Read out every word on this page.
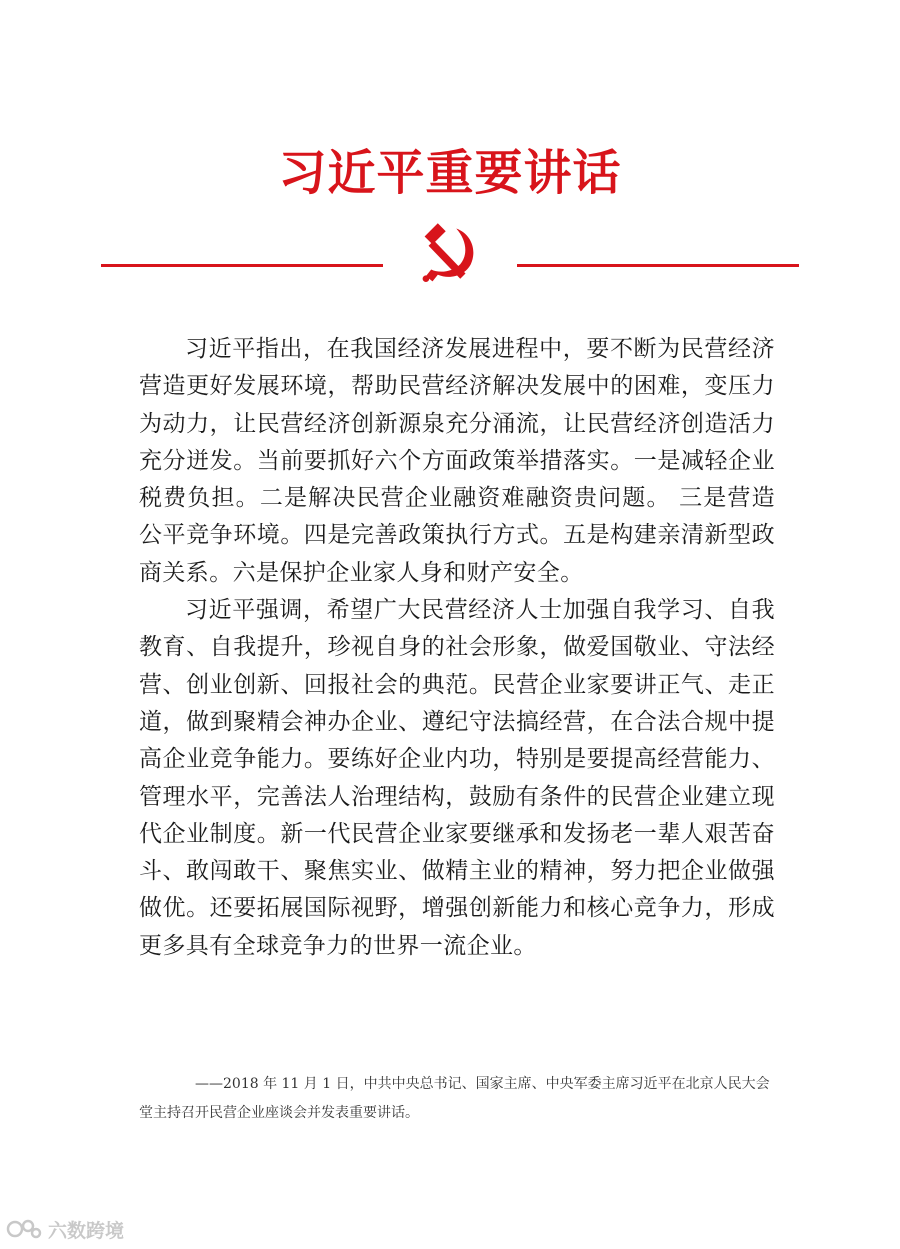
习近平重要讲话

习近平指出，在我国经济发展进程中，要不断为民营经济营造更好发展环境，帮助民营经济解决发展中的困难，变压力为动力，让民营经济创新源泉充分涌流，让民营经济创造活力充分迸发。当前要抓好六个方面政策举措落实。一是减轻企业税费负担。二是解决民营企业融资难融资贵问题。 三是营造公平竞争环境。四是完善政策执行方式。五是构建亲清新型政商关系。六是保护企业家人身和财产安全。

习近平强调，希望广大民营经济人士加强自我学习、自我教育、自我提升，珍视自身的社会形象，做爱国敬业、守法经营、创业创新、回报社会的典范。民营企业家要讲正气、走正道，做到聚精会神办企业、遵纪守法搞经营，在合法合规中提高企业竞争能力。要练好企业内功，特别是要提高经营能力、管理水平，完善法人治理结构，鼓励有条件的民营企业建立现代企业制度。新一代民营企业家要继承和发扬老一辈人艰苦奋斗、敢闯敢干、聚焦实业、做精主业的精神，努力把企业做强做优。还要拓展国际视野，增强创新能力和核心竞争力，形成更多具有全球竞争力的世界一流企业。

——2018 年 11 月 1 日，中共中央总书记、国家主席、中央军委主席习近平在北京人民大会堂主持召开民营企业座谈会并发表重要讲话。

六数跨境
